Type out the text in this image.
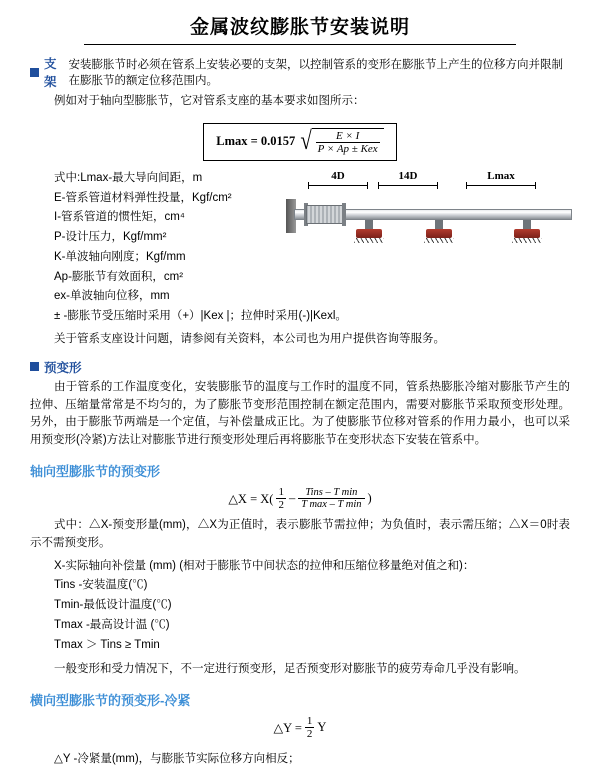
金属波纹膨胀节安装说明
支架
安装膨胀节时必须在管系上安装必要的支架，以控制管系的变形在膨胀节上产生的位移方向并限制在膨胀节的额定位移范围内。

例如对于轴向型膨胀节，它对管系支座的基本要求如图所示：

Lmax = 0.0157 √ $\frac{E \times I}{\text{P × Ap ± Kex}}$
式中:Lmax-最大导向间距，m
E-管系管道材料弹性投量，Kgf/cm²
I-管系管道的惯性矩，cm⁴
P-设计压力，Kgf/mm²
K-单波轴向刚度；Kgf/mm
Ap-膨胀节有效面积，cm²
ex-单波轴向位移，mm
± -膨胀节受压缩时采用（+）|Kex |；拉伸时采用(-)|Kexl。
4D	14D	Lmax

关于管系支座设计问题，请参阅有关资料，本公司也为用户提供咨询等服务。

预变形

由于管系的工作温度变化，安装膨胀节的温度与工作时的温度不同，管系热膨胀冷缩对膨胀节产生的拉伸、压缩量常常是不均匀的，为了膨胀节变形范围控制在额定范围内，需要对膨胀节采取预变形处理。另外，由于膨胀节两端是一个定值，与补偿量成正比。为了使膨胀节位移对管系的作用力最小，也可以采用预变形(冷紧)方法让对膨胀节进行预变形处理后再将膨胀节在变形状态下安装在管系中。

轴向型膨胀节的预变形
△X = $X( \frac{1}{2} - \frac{\text{Tins – T min}}{\text{T max – T min}}$ )

式中：△X-预变形量(mm)，△X为正值时，表示膨胀节需拉伸；为负值时，表示需压缩；△X＝0时表示不需预变形。

X-实际轴向补偿量 (mm) (相对于膨胀节中间状态的拉伸和压缩位移量绝对值之和)：
Tins -安装温度(℃)
Tmin-最低设计温度(℃)
Tmax -最高设计温 (℃)
Tmax ＞ Tins ≥ Tmin

一般变形和受力情况下，不一定进行预变形，足否预变形对膨胀节的疲劳寿命几乎没有影响。

横向型膨胀节的预变形-冷紧
△Y = $\frac{1}{2}$ Y
△Y -冷紧量(mm)，与膨胀节实际位移方向相反；
